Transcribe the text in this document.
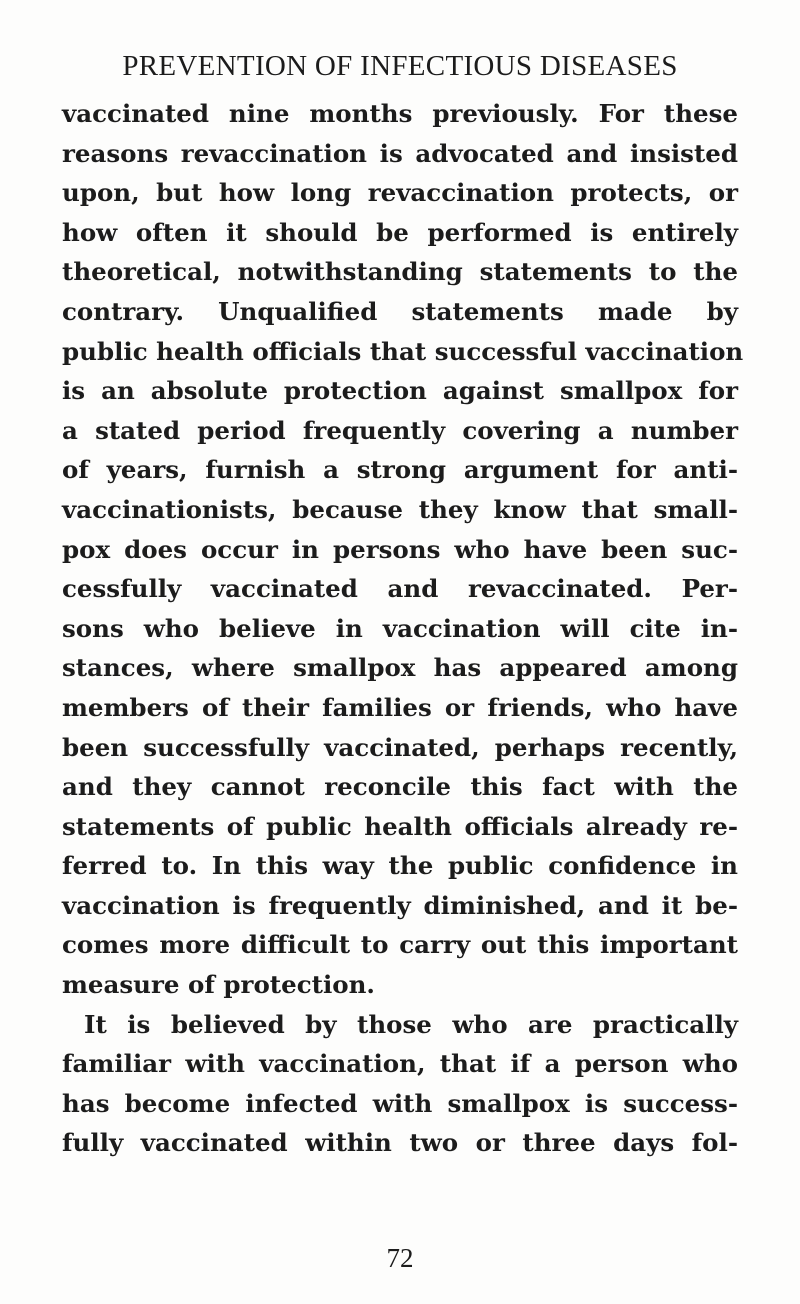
PREVENTION OF INFECTIOUS DISEASES
vaccinated nine months previously. For these
reasons revaccination is advocated and insisted
upon, but how long revaccination protects, or
how often it should be performed is entirely
theoretical, notwithstanding statements to the
contrary. Unqualified statements made by
public health officials that successful vaccination
is an absolute protection against smallpox for
a stated period frequently covering a number
of years, furnish a strong argument for anti-
vaccinationists, because they know that small-
pox does occur in persons who have been suc-
cessfully vaccinated and revaccinated. Per-
sons who believe in vaccination will cite in-
stances, where smallpox has appeared among
members of their families or friends, who have
been successfully vaccinated, perhaps recently,
and they cannot reconcile this fact with the
statements of public health officials already re-
ferred to. In this way the public confidence in
vaccination is frequently diminished, and it be-
comes more difficult to carry out this important
measure of protection.
It is believed by those who are practically
familiar with vaccination, that if a person who
has become infected with smallpox is success-
fully vaccinated within two or three days fol-
72
